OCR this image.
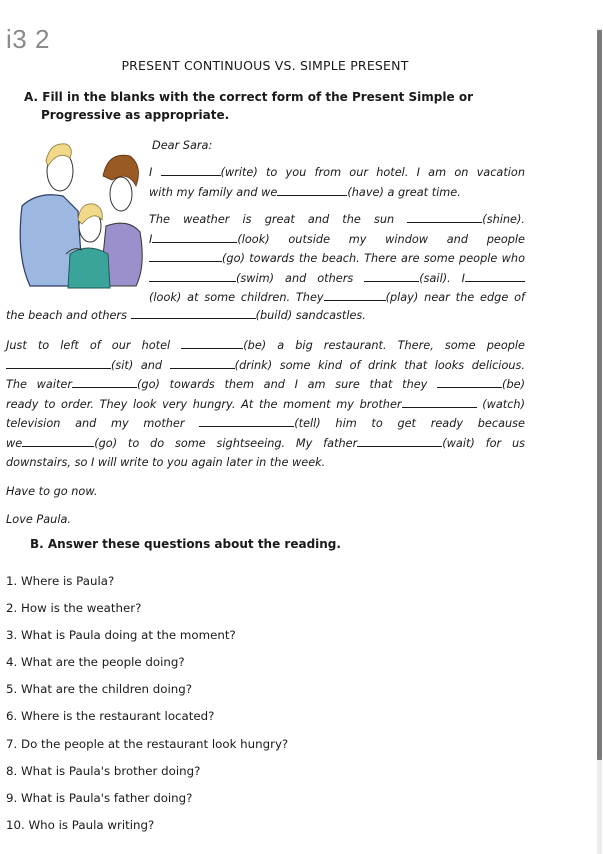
i3 2
PRESENT CONTINUOUS VS. SIMPLE PRESENT
A. Fill in the blanks with the correct form of the Present Simple or
Progressive as appropriate.
Dear Sara:
I	(write) to you from our hotel. I am on vacation
with my family and we	(have) a great time.
The weather is great and the sun	(shine).
I	(look) outside my window and people
(go) towards the beach. There are some people who
(swim) and others	(sail). I
(look) at some children. They	(play) near the edge of
the beach and others	(build) sandcastles.
Just to left of our hotel	(be) a big restaurant. There, some people
(sit) and	(drink) some kind of drink that looks delicious.
The waiter	(go) towards them and I am sure that they	(be)
ready to order. They look very hungry. At the moment my brother	(watch)
television and my mother	(tell) him to get ready because
we	(go) to do some sightseeing. My father	(wait) for us
downstairs, so I will write to you again later in the week.
Have to go now.
Love Paula.
B. Answer these questions about the reading.
1. Where is Paula?
2. How is the weather?
3. What is Paula doing at the moment?
4. What are the people doing?
5. What are the children doing?
6. Where is the restaurant located?
7. Do the people at the restaurant look hungry?
8. What is Paula's brother doing?
9. What is Paula's father doing?
10. Who is Paula writing?
